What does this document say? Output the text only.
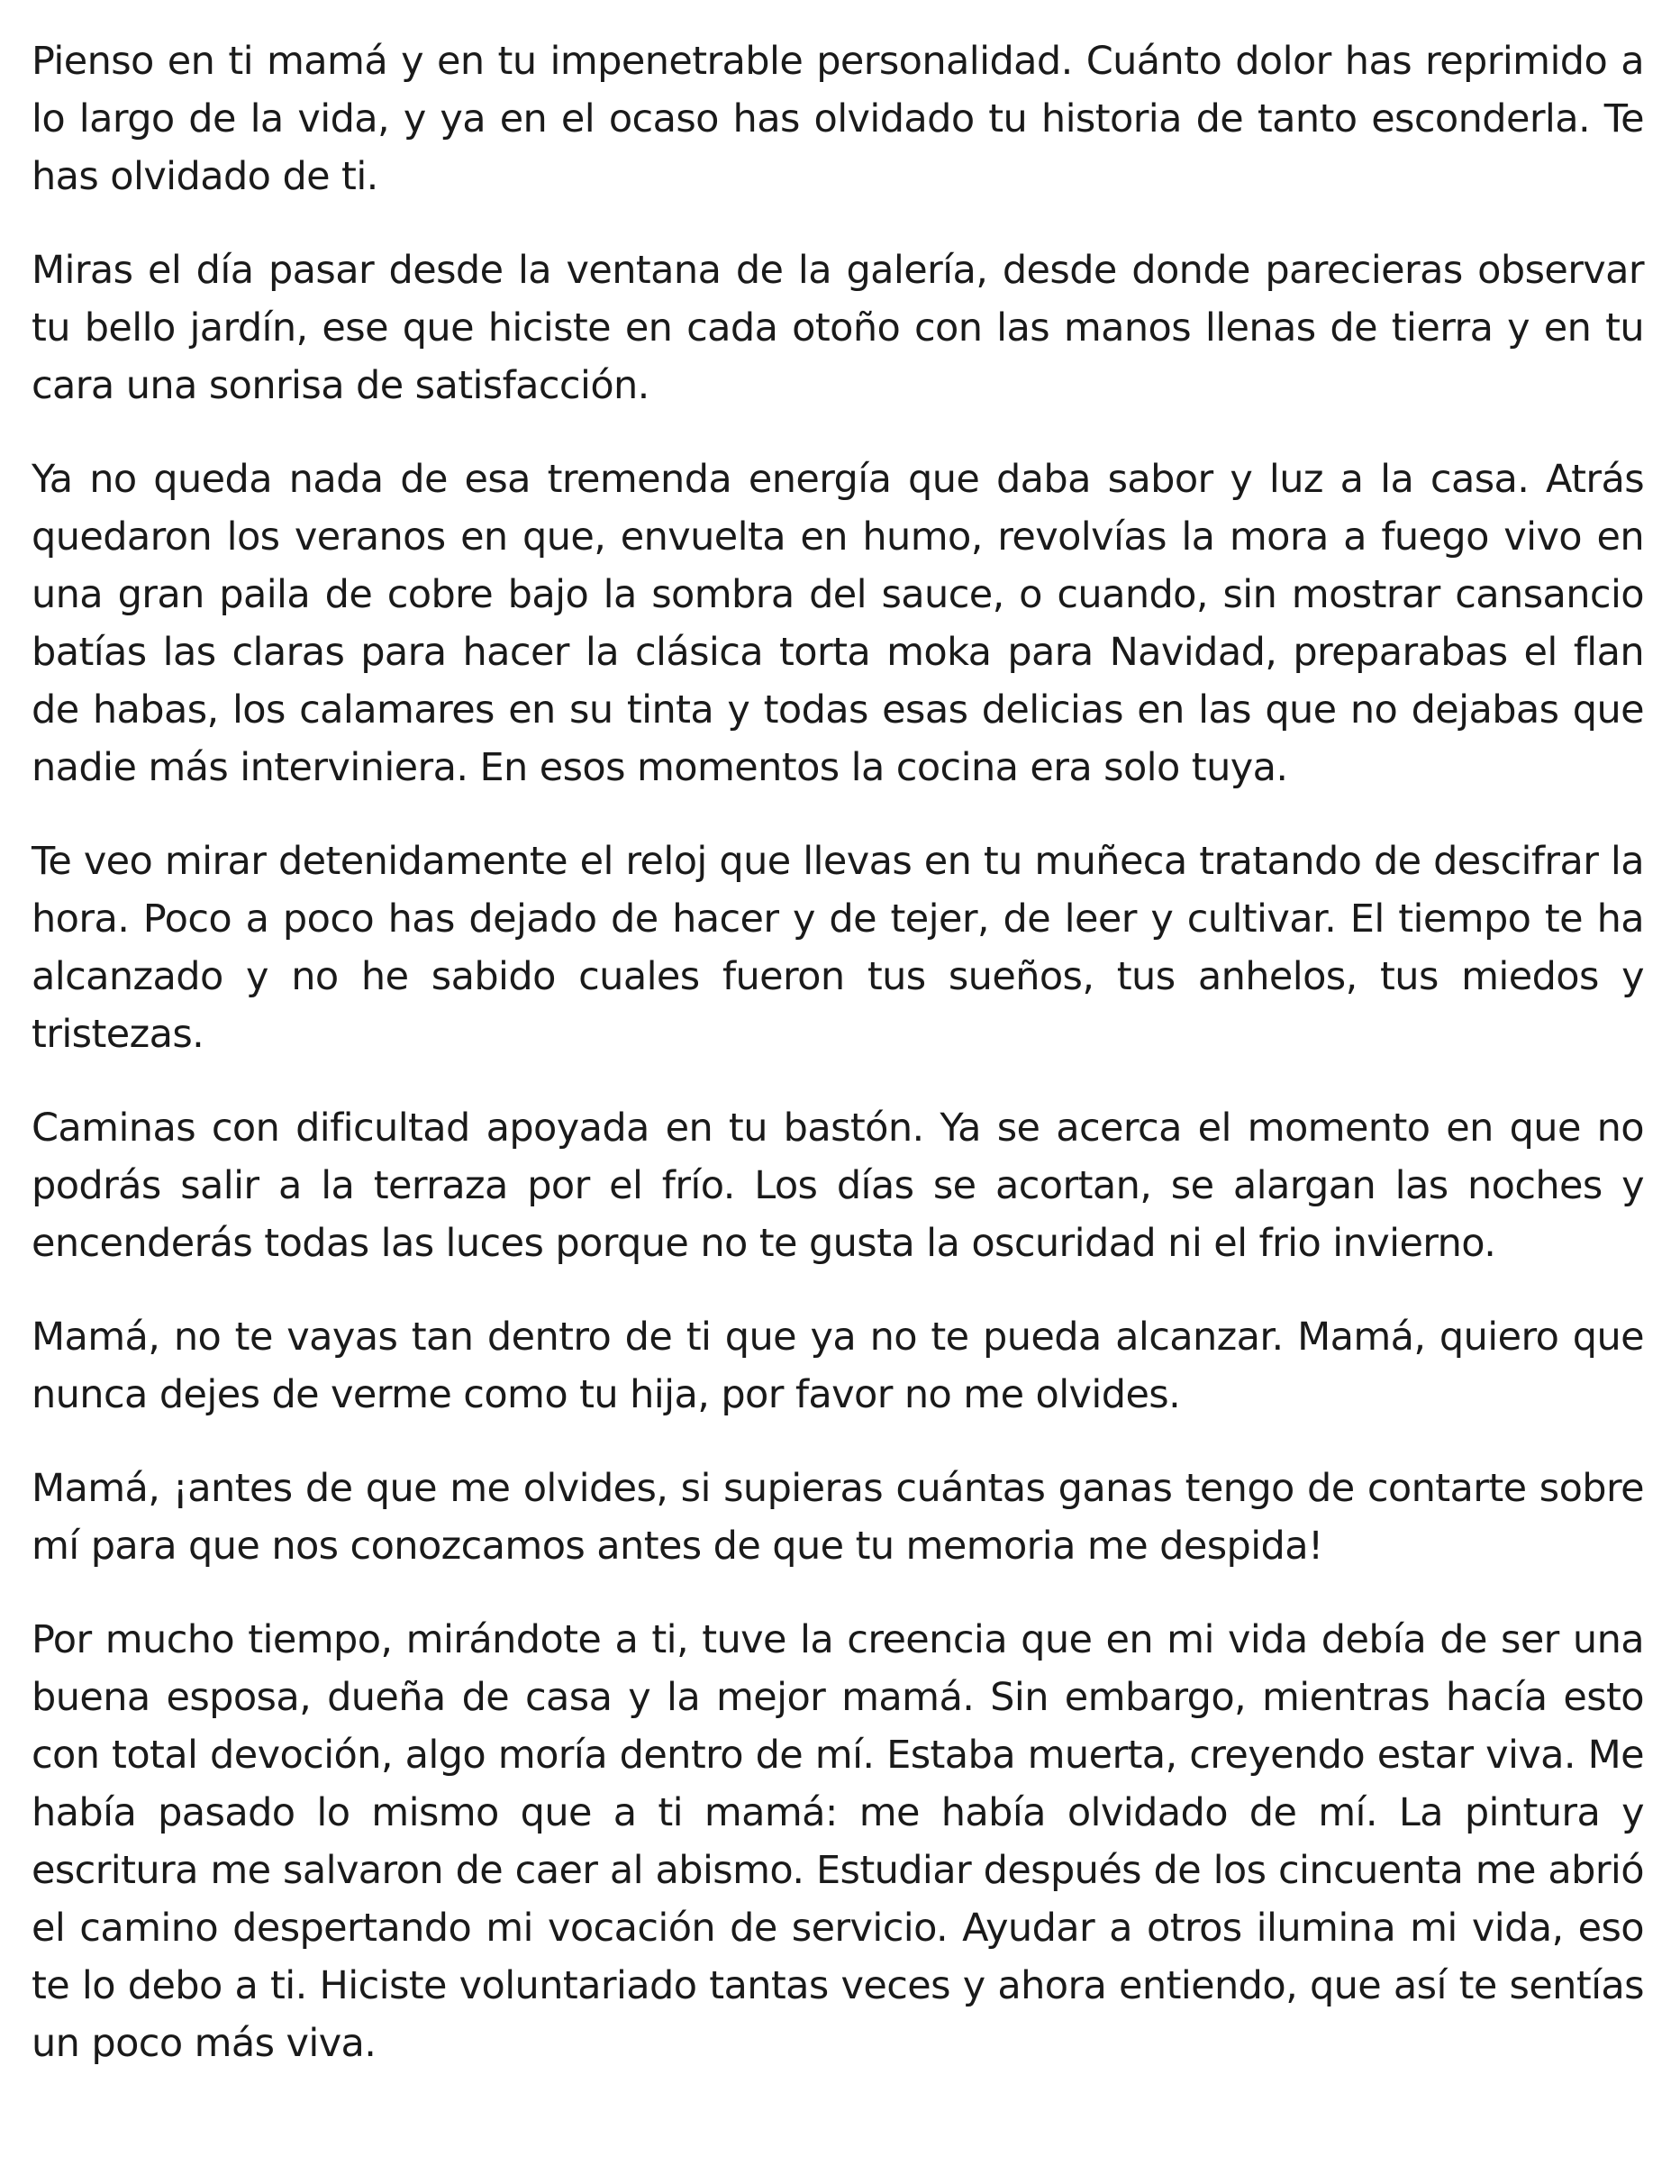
Pienso en ti mamá y en tu impenetrable personalidad. Cuánto dolor has reprimido a lo largo de la vida, y ya en el ocaso has olvidado tu historia de tanto esconderla. Te has olvidado de ti.

Miras el día pasar desde la ventana de la galería, desde donde parecieras observar tu bello jardín, ese que hiciste en cada otoño con las manos llenas de tierra y en tu cara una sonrisa de satisfacción.

Ya no queda nada de esa tremenda energía que daba sabor y luz a la casa. Atrás quedaron los veranos en que, envuelta en humo, revolvías la mora a fuego vivo en una gran paila de cobre bajo la sombra del sauce, o cuando, sin mostrar cansancio batías las claras para hacer la clásica torta moka para Navidad, preparabas el flan de habas, los calamares en su tinta y todas esas delicias en las que no dejabas que nadie más interviniera. En esos momentos la cocina era solo tuya.

Te veo mirar detenidamente el reloj que llevas en tu muñeca tratando de descifrar la hora. Poco a poco has dejado de hacer y de tejer, de leer y cultivar. El tiempo te ha alcanzado y no he sabido cuales fueron tus sueños, tus anhelos, tus miedos y tristezas.

Caminas con dificultad apoyada en tu bastón. Ya se acerca el momento en que no podrás salir a la terraza por el frío. Los días se acortan, se alargan las noches y encenderás todas las luces porque no te gusta la oscuridad ni el frio invierno.

Mamá, no te vayas tan dentro de ti que ya no te pueda alcanzar. Mamá, quiero que nunca dejes de verme como tu hija, por favor no me olvides.

Mamá, ¡antes de que me olvides, si supieras cuántas ganas tengo de contarte sobre mí para que nos conozcamos antes de que tu memoria me despida!

Por mucho tiempo, mirándote a ti, tuve la creencia que en mi vida debía de ser una buena esposa, dueña de casa y la mejor mamá. Sin embargo, mientras hacía esto con total devoción, algo moría dentro de mí. Estaba muerta, creyendo estar viva. Me había pasado lo mismo que a ti mamá: me había olvidado de mí. La pintura y escritura me salvaron de caer al abismo. Estudiar después de los cincuenta me abrió el camino despertando mi vocación de servicio. Ayudar a otros ilumina mi vida, eso te lo debo a ti. Hiciste voluntariado tantas veces y ahora entiendo, que así te sentías un poco más viva.
